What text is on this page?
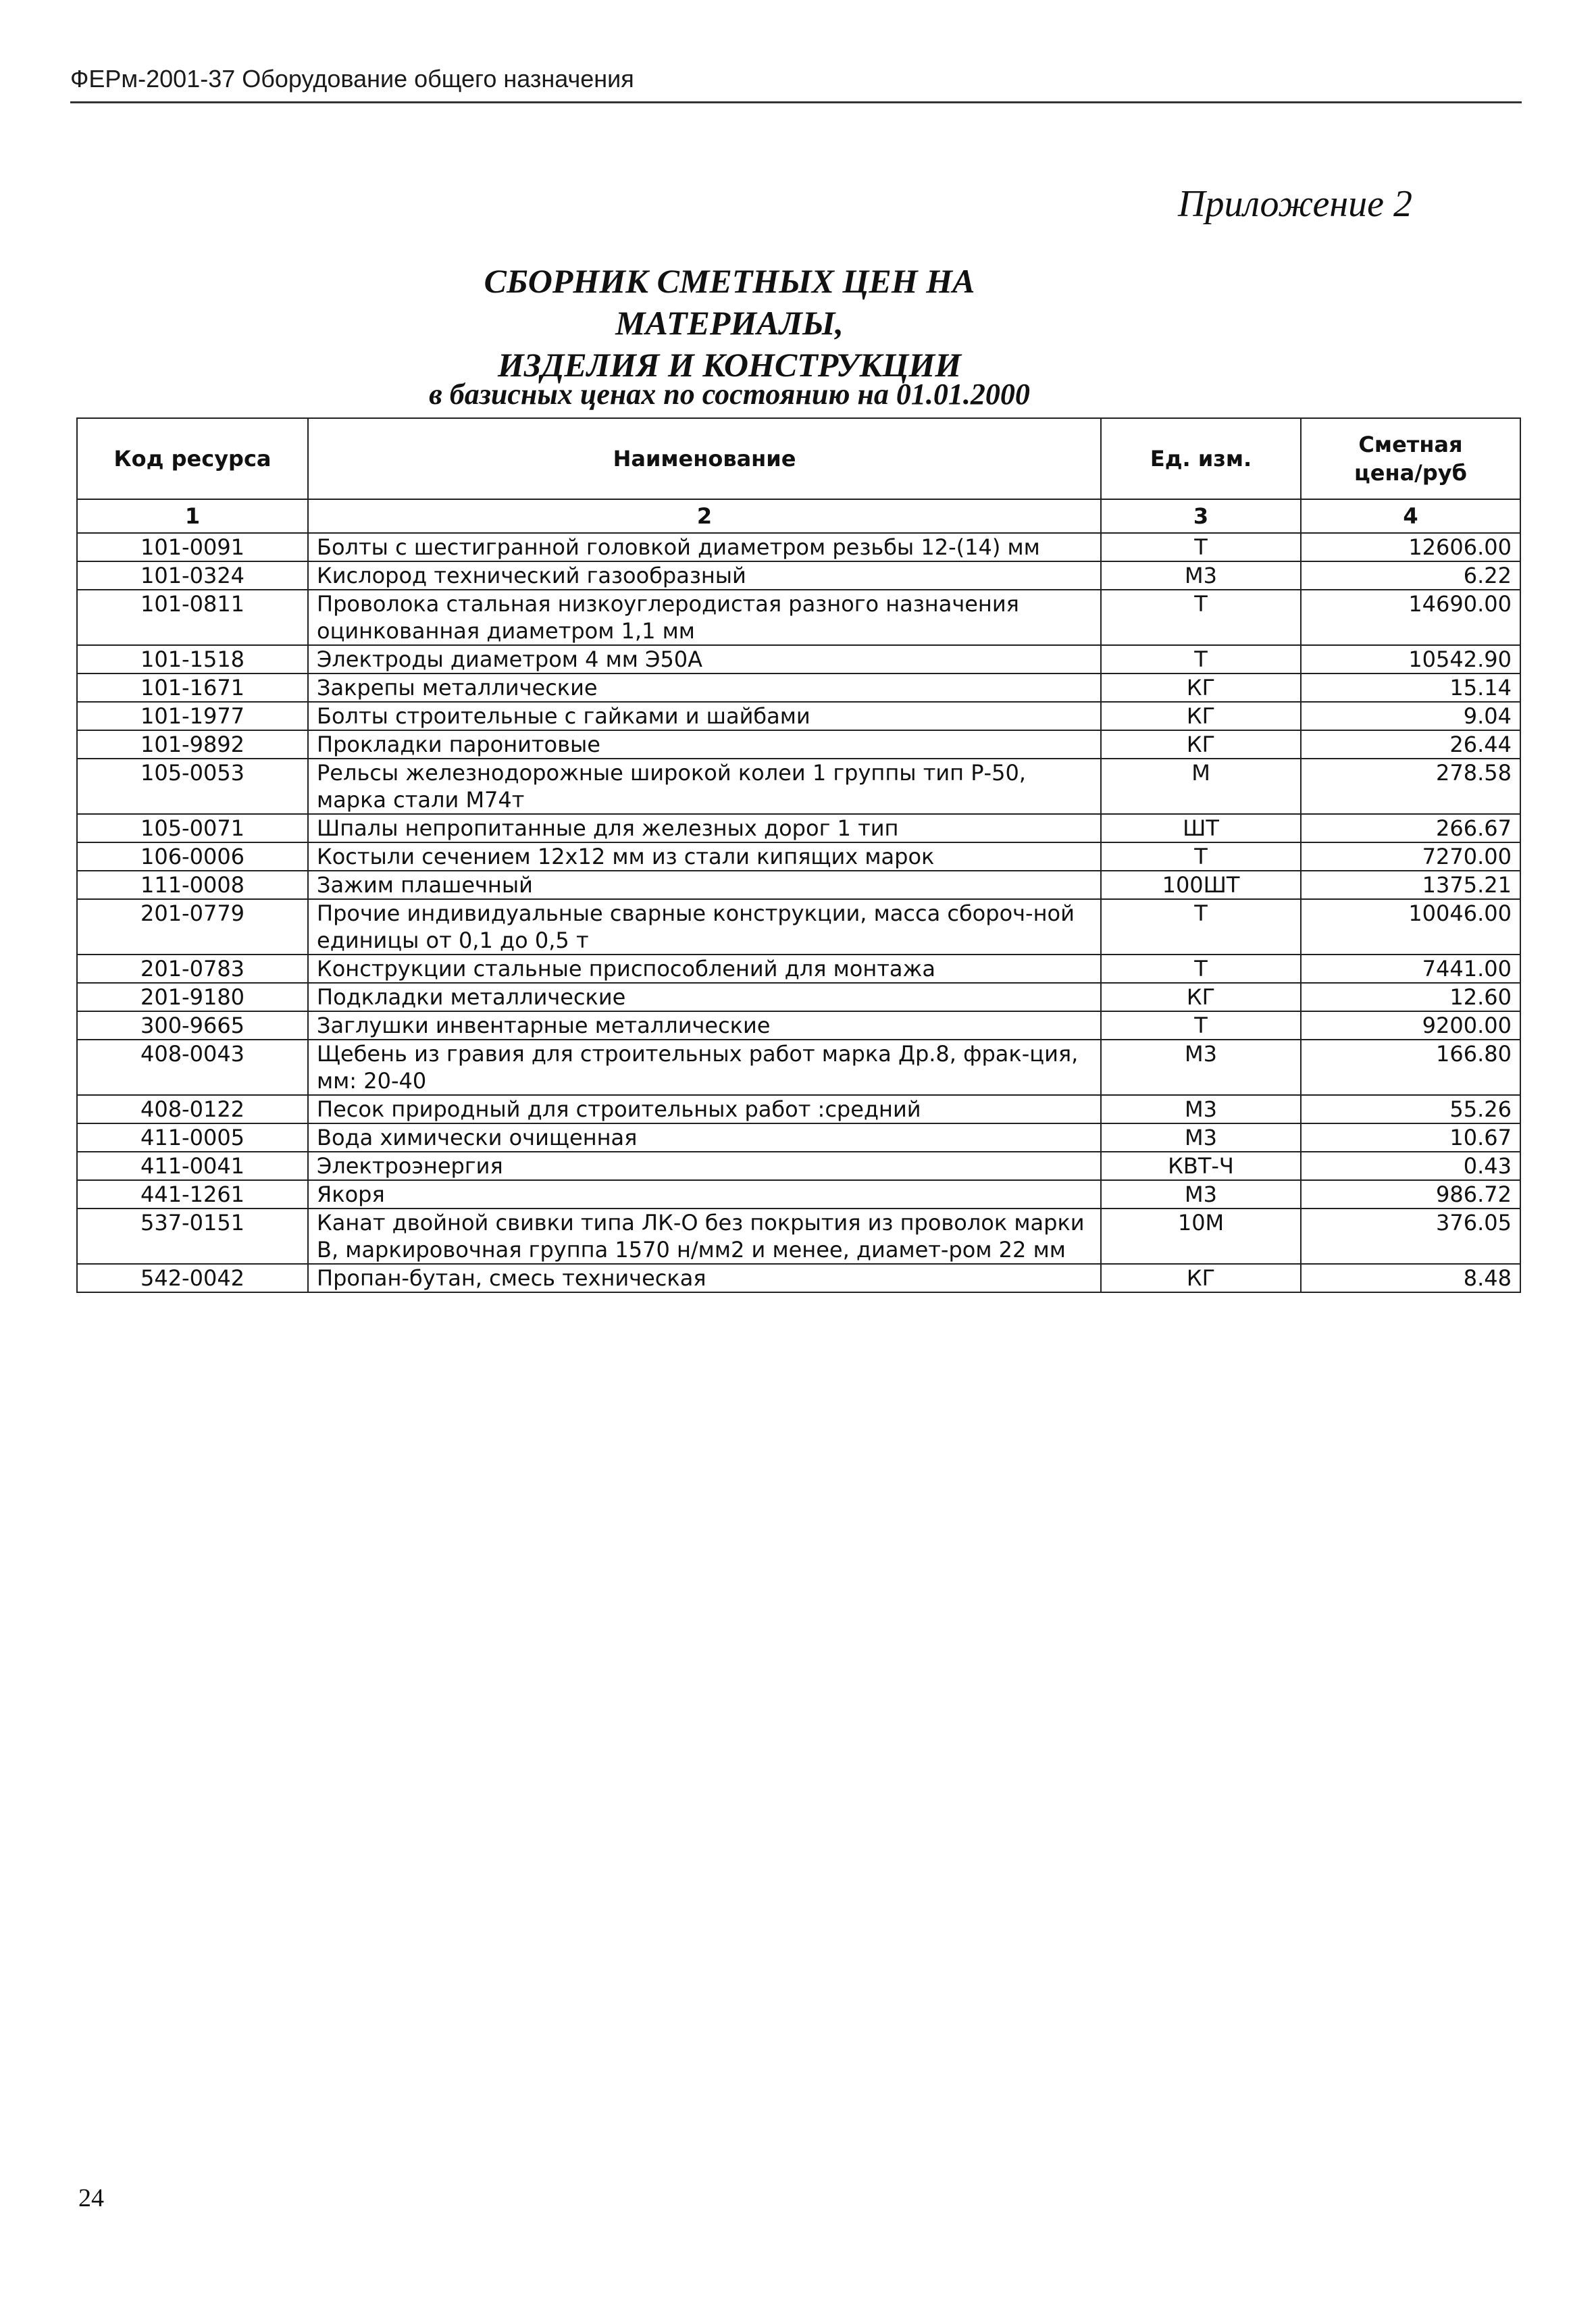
ФЕРм-2001-37 Оборудование общего назначения
Приложение 2
СБОРНИК СМЕТНЫХ ЦЕН НА МАТЕРИАЛЫ,
ИЗДЕЛИЯ И КОНСТРУКЦИИ
в базисных ценах по состоянию на 01.01.2000
Код ресурса	Наименование	Ед. изм.	Сметная цена/руб
1	2	3	4
101-0091	Болты с шестигранной головкой диаметром резьбы 12-(14) мм	Т	12606.00
101-0324	Кислород технический газообразный	М3	6.22
101-0811	Проволока стальная низкоуглеродистая разного назначения оцинкованная диаметром 1,1 мм	Т	14690.00
101-1518	Электроды диаметром 4 мм Э50А	Т	10542.90
101-1671	Закрепы металлические	КГ	15.14
101-1977	Болты строительные с гайками и шайбами	КГ	9.04
101-9892	Прокладки паронитовые	КГ	26.44
105-0053	Рельсы железнодорожные широкой колеи 1 группы тип Р-50, марка стали М74т	М	278.58
105-0071	Шпалы непропитанные для железных дорог 1 тип	ШТ	266.67
106-0006	Костыли сечением 12х12 мм из стали кипящих марок	Т	7270.00
111-0008	Зажим плашечный	100ШТ	1375.21
201-0779	Прочие индивидуальные сварные конструкции, масса сбороч-ной единицы от 0,1 до 0,5 т	Т	10046.00
201-0783	Конструкции стальные приспособлений для монтажа	Т	7441.00
201-9180	Подкладки металлические	КГ	12.60
300-9665	Заглушки инвентарные металлические	Т	9200.00
408-0043	Щебень из гравия для строительных работ марка Др.8, фрак-ция, мм: 20-40	М3	166.80
408-0122	Песок природный для строительных работ :средний	М3	55.26
411-0005	Вода химически очищенная	М3	10.67
411-0041	Электроэнергия	КВТ-Ч	0.43
441-1261	Якоря	М3	986.72
537-0151	Канат двойной свивки типа ЛК-О без покрытия из проволок марки В, маркировочная группа 1570 н/мм2 и менее, диамет-ром 22 мм	10М	376.05
542-0042	Пропан-бутан, смесь техническая	КГ	8.48
24
